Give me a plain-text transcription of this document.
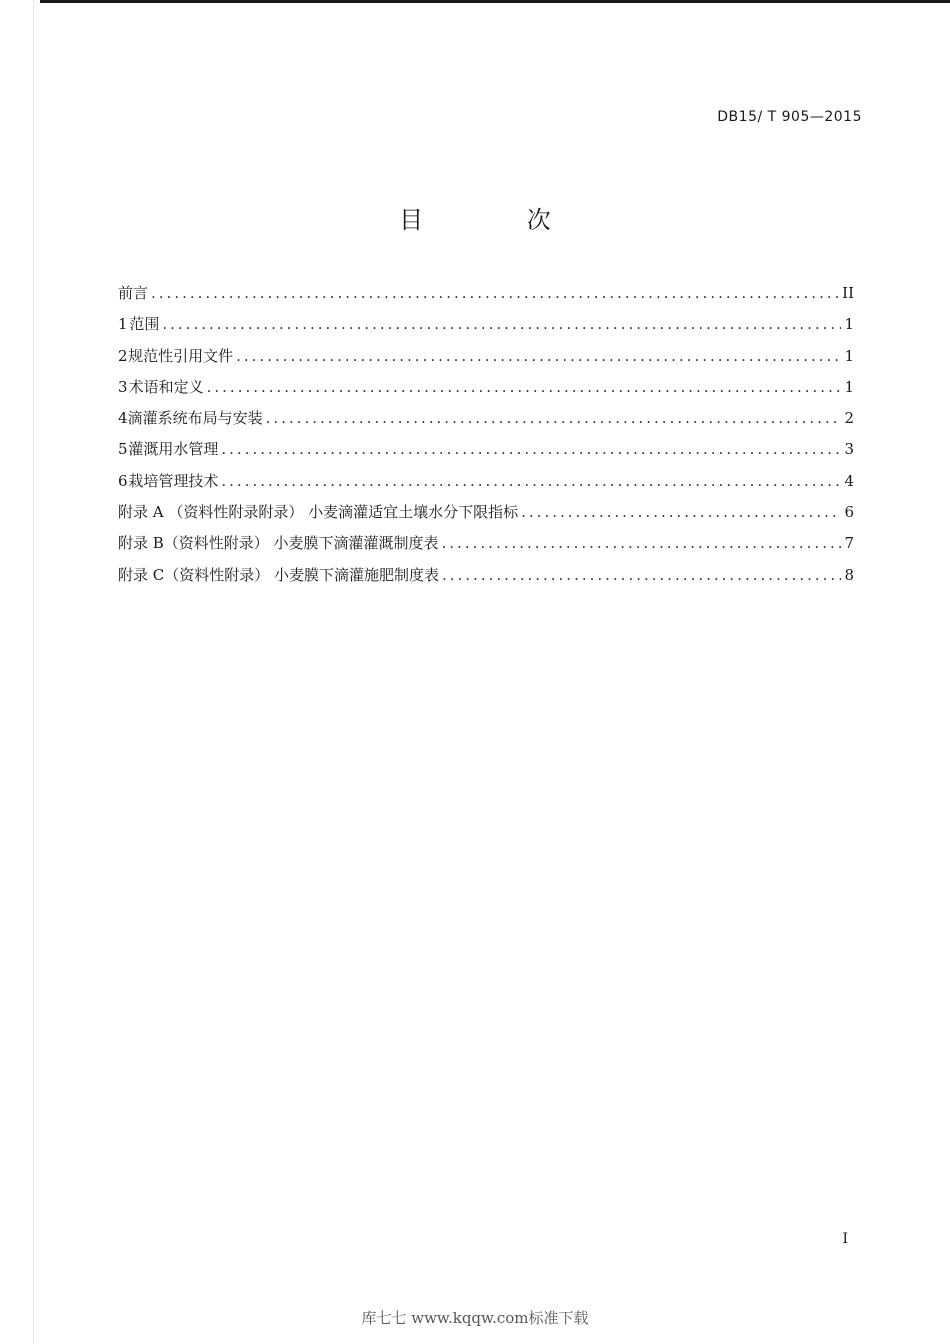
DB15/ T 905—2015
目 次
前言 .....	II
1 范围 .....	1
2 规范性引用文件 .....	1
3 术语和定义 .....	1
4 滴灌系统布局与安装 .....	2
5 灌溉用水管理 .....	3
6 栽培管理技术 .....	4
附录 A （资料性附录附录） 小麦滴灌适宜土壤水分下限指标 .....	6
附录 B（资料性附录） 小麦膜下滴灌灌溉制度表 .....	7
附录 C（资料性附录） 小麦膜下滴灌施肥制度表 .....	8
I
库七七 www.kqqw.com标准下载
